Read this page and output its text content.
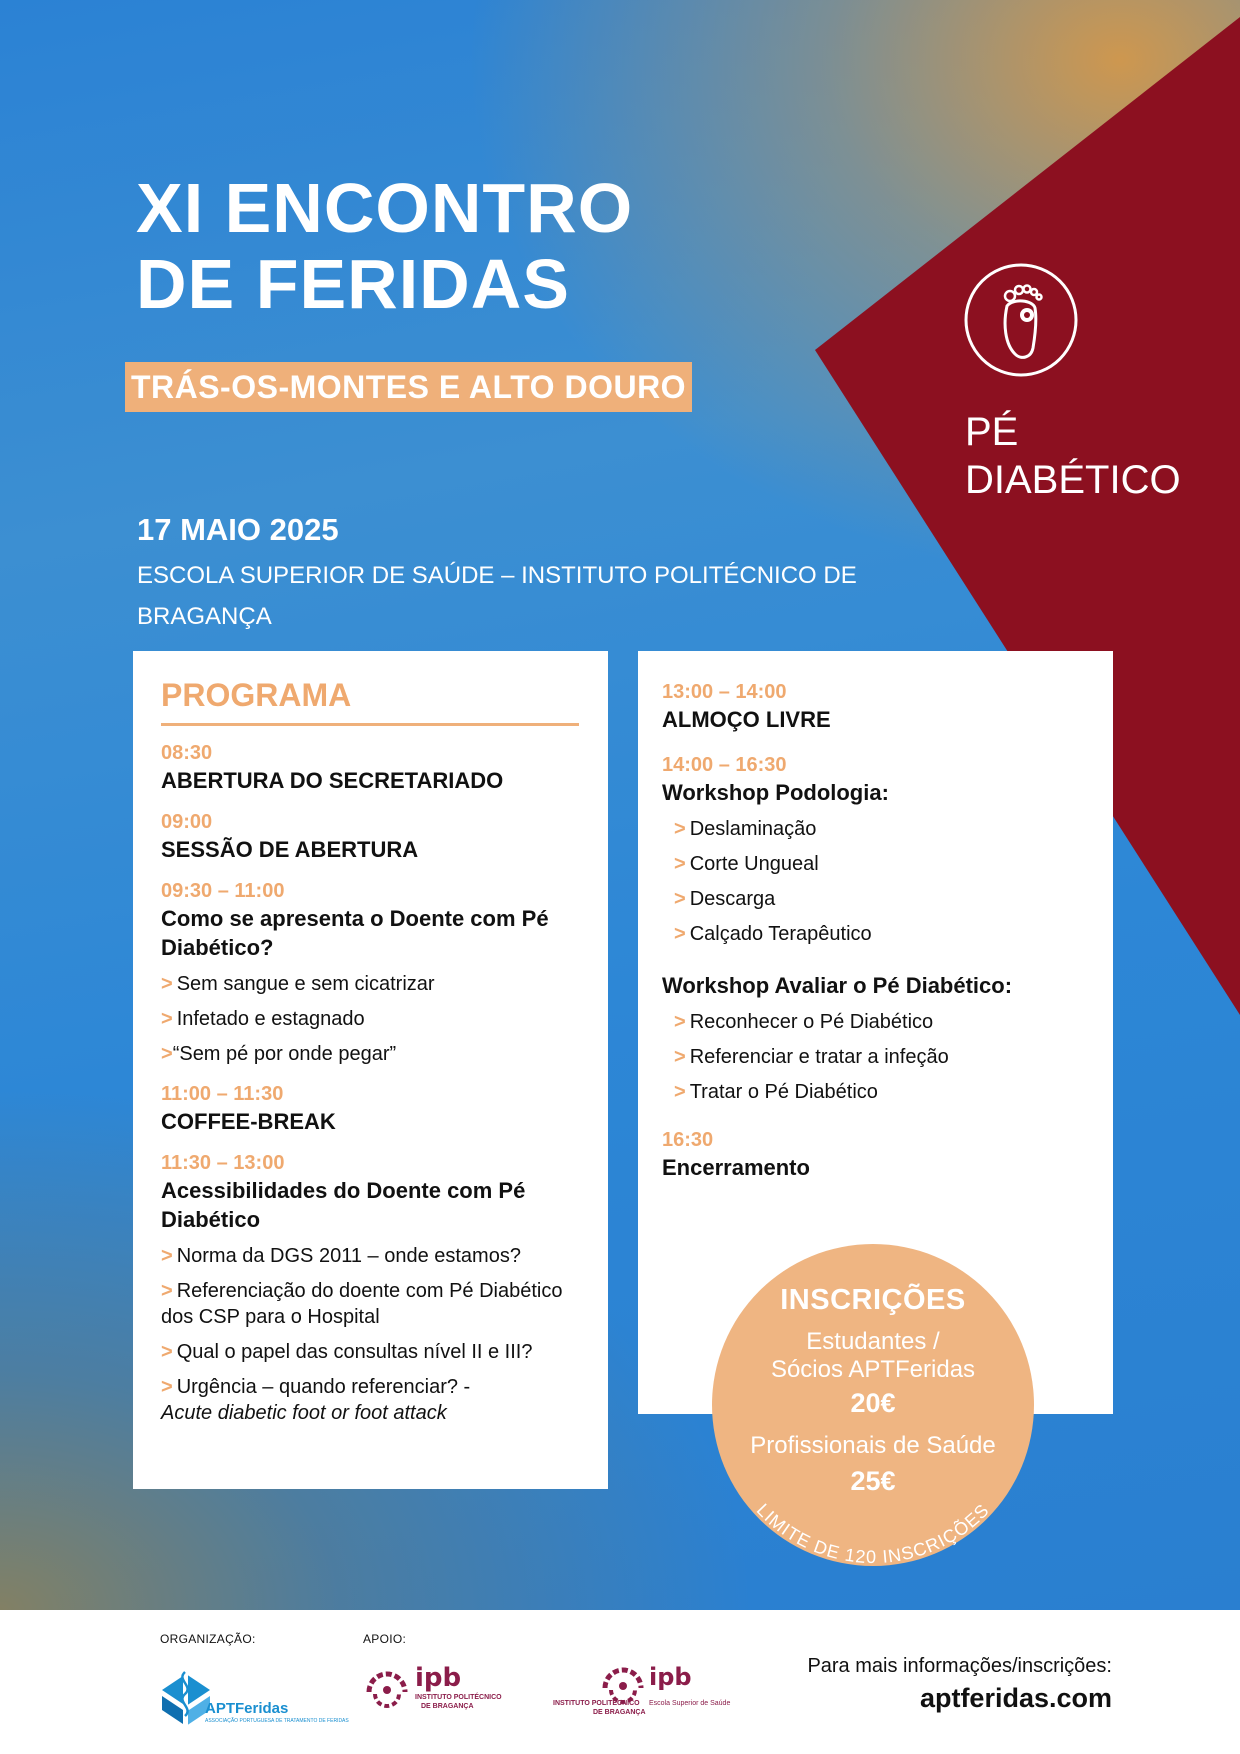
XI ENCONTRO
DE FERIDAS
TRÁS-OS-MONTES E ALTO DOURO
17 MAIO 2025
ESCOLA SUPERIOR DE SAÚDE – INSTITUTO POLITÉCNICO DE BRAGANÇA
PÉ
DIABÉTICO
PROGRAMA
08:30
ABERTURA DO SECRETARIADO
09:00
SESSÃO DE ABERTURA
09:30 – 11:00
Como se apresenta o Doente com Pé Diabético?
> Sem sangue e sem cicatrizar
> Infetado e estagnado
>“Sem pé por onde pegar”
11:00 – 11:30
COFFEE-BREAK
11:30 – 13:00
Acessibilidades do Doente com Pé Diabético
> Norma da DGS 2011 – onde estamos?
> Referenciação do doente com Pé Diabético dos CSP para o Hospital
> Qual o papel das consultas nível II e III?
> Urgência – quando referenciar? -
Acute diabetic foot or foot attack
13:00 – 14:00
ALMOÇO LIVRE
14:00 – 16:30
Workshop Podologia:
> Deslaminação
> Corte Ungueal
> Descarga
> Calçado Terapêutico
Workshop Avaliar o Pé Diabético:
> Reconhecer o Pé Diabético
> Referenciar e tratar a infeção
> Tratar o Pé Diabético
16:30
Encerramento
INSCRIÇÕES
Estudantes /
Sócios APTFeridas
20€
Profissionais de Saúde
25€
LIMITE DE 120 INSCRIÇÕES
ORGANIZAÇÃO:	APOIO:
APTFeridas
ASSOCIAÇÃO PORTUGUESA DE TRATAMENTO DE FERIDAS
ipb
INSTITUTO POLITÉCNICO
DE BRAGANÇA
ipb
INSTITUTO POLITÉCNICO
DE BRAGANÇA
Escola Superior de Saúde
Para mais informações/inscrições:
aptferidas.com
